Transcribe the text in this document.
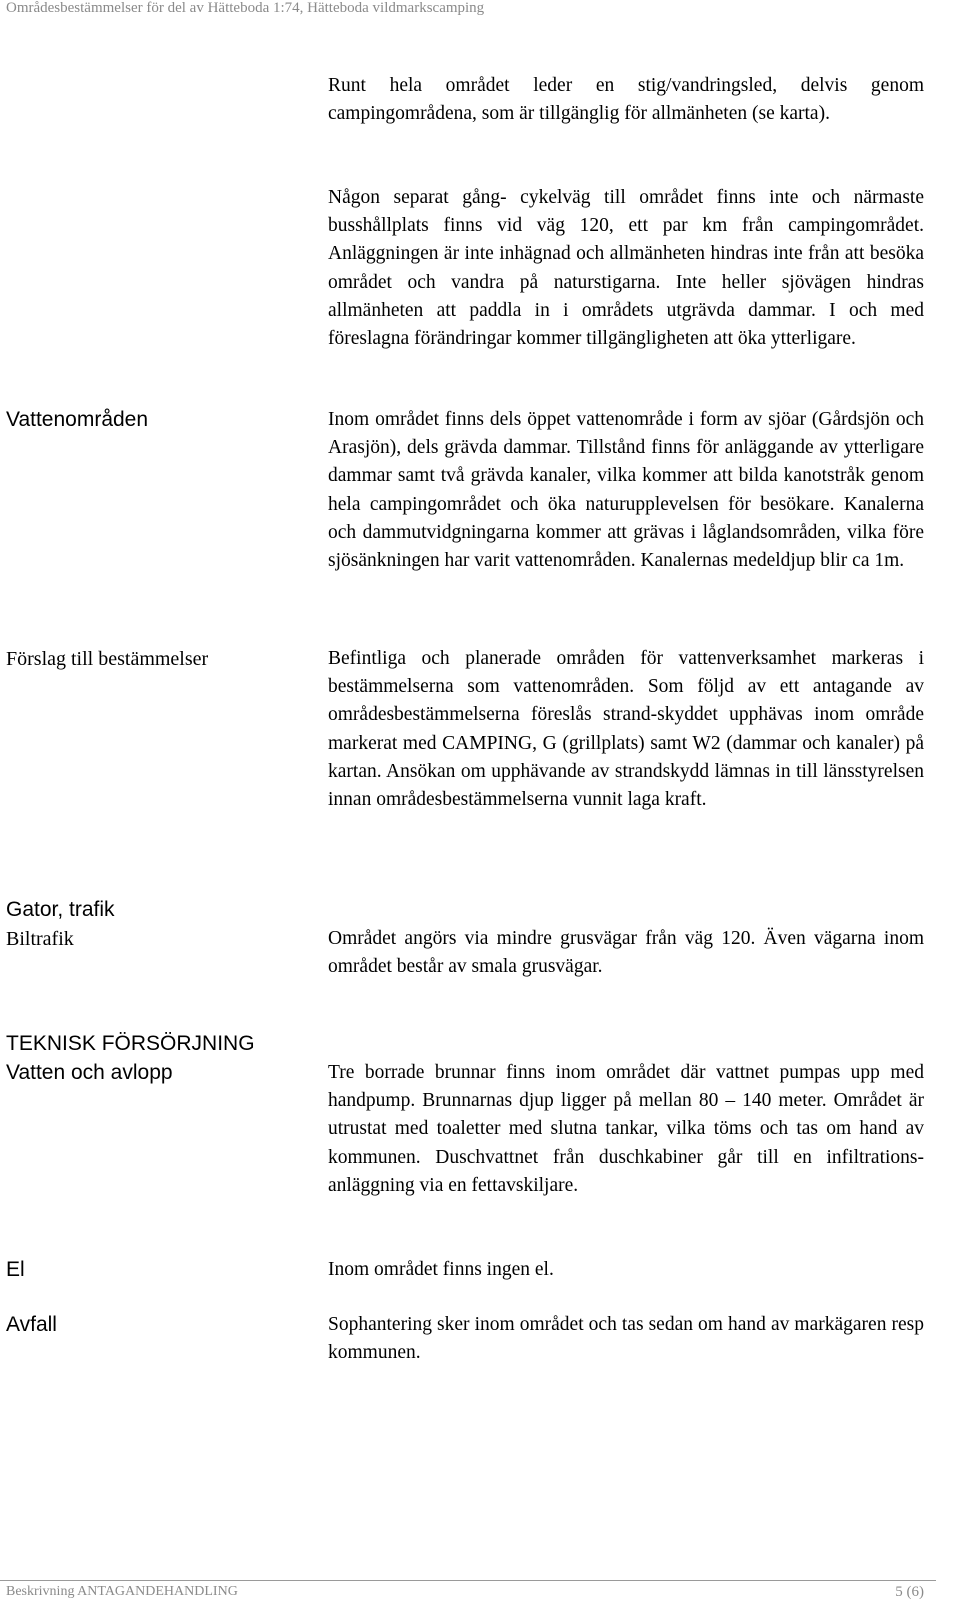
Områdesbestämmelser för del av Hätteboda 1:74, Hätteboda vildmarkscamping
Runt hela området leder en stig/vandringsled, delvis genom campingområdena, som är tillgänglig för allmänheten (se karta).
Någon separat gång- cykelväg till området finns inte och närmaste busshållplats finns vid väg 120, ett par km från campingområdet. Anläggningen är inte inhägnad och allmänheten hindras inte från att besöka området och vandra på naturstigarna. Inte heller sjövägen hindras allmänheten att paddla in i områdets utgrävda dammar. I och med föreslagna förändringar kommer tillgängligheten att öka ytterligare.
Vattenområden	Inom området finns dels öppet vattenområde i form av sjöar (Gårdsjön och Arasjön), dels grävda dammar. Tillstånd finns för anläggande av ytterligare dammar samt två grävda kanaler, vilka kommer att bilda kanotstråk genom hela campingområdet och öka naturupplevelsen för besökare. Kanalerna och dammutvidgningarna kommer att grävas i låglandsområden, vilka före sjösänkningen har varit vattenområden. Kanalernas medeldjup blir ca 1m.
Förslag till bestämmelser	Befintliga och planerade områden för vattenverksamhet markeras i bestämmelserna som vattenområden. Som följd av ett antagande av områdesbestämmelserna föreslås strand-skyddet upphävas inom område markerat med CAMPING, G (grillplats) samt W2 (dammar och kanaler) på kartan. Ansökan om upphävande av strandskydd lämnas in till länsstyrelsen innan områdesbestämmelserna vunnit laga kraft.
Gator, trafik
Biltrafik	Området angörs via mindre grusvägar från väg 120. Även vägarna inom området består av smala grusvägar.
TEKNISK FÖRSÖRJNING
Vatten och avlopp	Tre borrade brunnar finns inom området där vattnet pumpas upp med handpump. Brunnarnas djup ligger på mellan 80 – 140 meter. Området är utrustat med toaletter med slutna tankar, vilka töms och tas om hand av kommunen. Duschvattnet från duschkabiner går till en infiltrations-anläggning via en fettavskiljare.
El	Inom området finns ingen el.
Avfall	Sophantering sker inom området och tas sedan om hand av markägaren resp kommunen.
Beskrivning ANTAGANDEHANDLING	5 (6)
